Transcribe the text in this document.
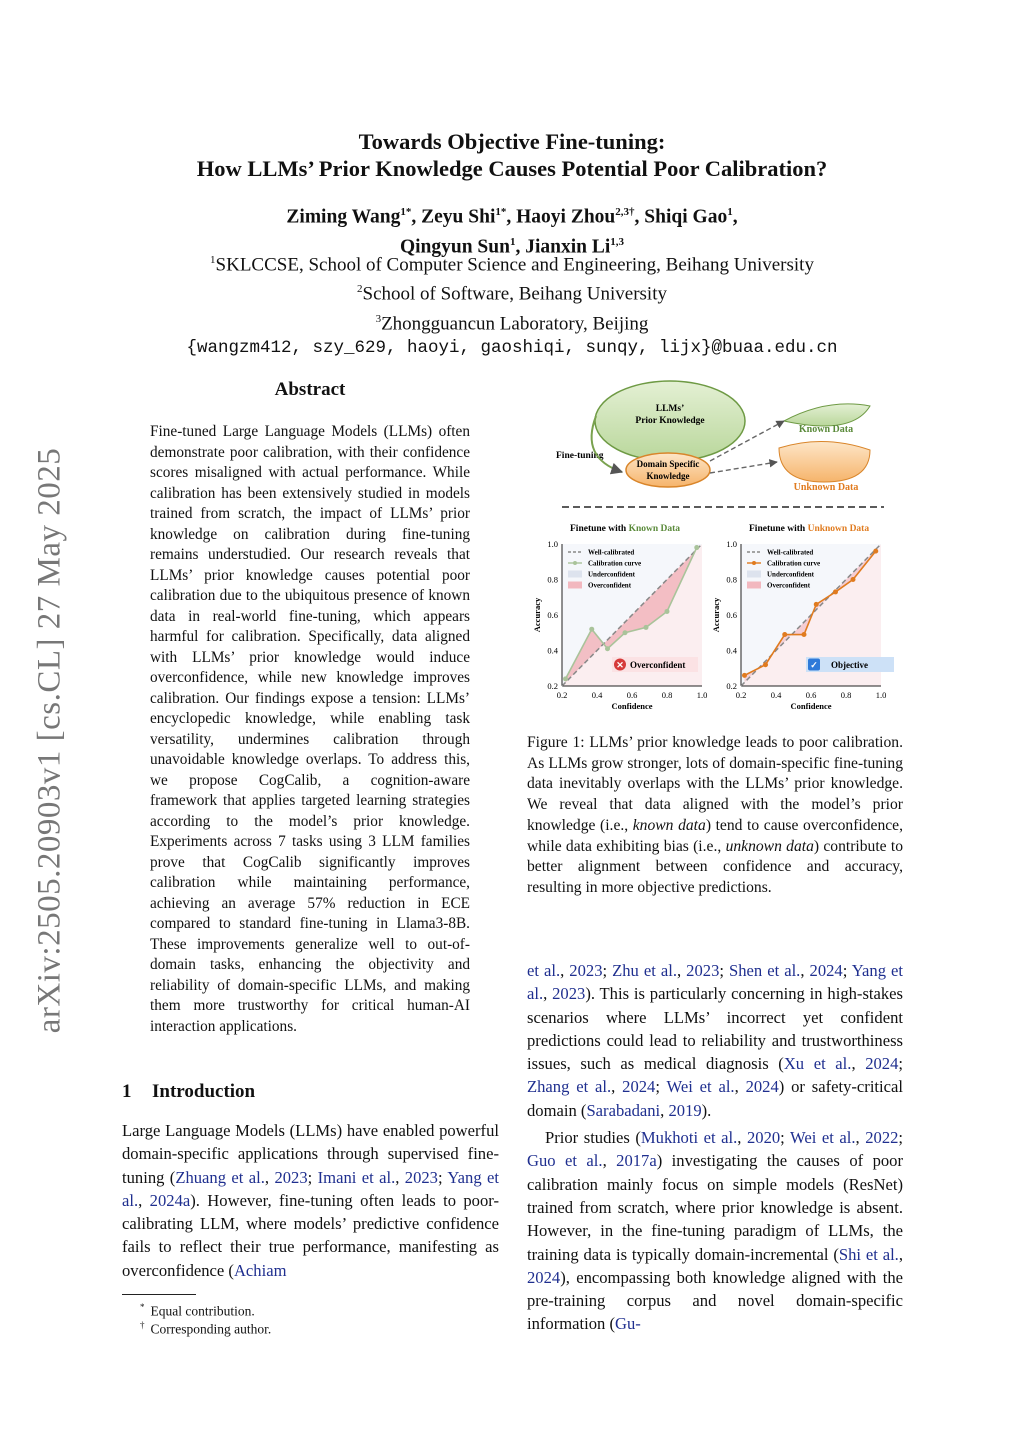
arXiv:2505.20903v1 [cs.CL] 27 May 2025
Towards Objective Fine-tuning:
How LLMs’ Prior Knowledge Causes Potential Poor Calibration?
Ziming Wang$^{1*}$, Zeyu Shi$^{1*}$, Haoyi Zhou$^{2,3\dagger}$, Shiqi Gao$^1$,
Qingyun Sun$^1$, Jianxin Li$^{1,3}$
$^1$SKLCCSE, School of Computer Science and Engineering, Beihang University
$^2$School of Software, Beihang University
$^3$Zhongguancun Laboratory, Beijing
{wangzm412, szy_629, haoyi, gaoshiqi, sunqy, lijx}@buaa.edu.cn
Abstract
Fine-tuned Large Language Models (LLMs) often demonstrate poor calibration, with their confidence scores misaligned with actual performance. While calibration has been extensively studied in models trained from scratch, the impact of LLMs’ prior knowledge on calibration during fine-tuning remains understudied. Our research reveals that LLMs’ prior knowledge causes potential poor calibration due to the ubiquitous presence of known data in real-world fine-tuning, which appears harmful for calibration. Specifically, data aligned with LLMs’ prior knowledge would induce overconfidence, while new knowledge improves calibration. Our findings expose a tension: LLMs’ encyclopedic knowledge, while enabling task versatility, undermines calibration through unavoidable knowledge overlaps. To address this, we propose CogCalib, a cognition-aware framework that applies targeted learning strategies according to the model’s prior knowledge. Experiments across 7 tasks using 3 LLM families prove that CogCalib significantly improves calibration while maintaining performance, achieving an average 57% reduction in ECE compared to standard fine-tuning in Llama3-8B. These improvements generalize well to out-of-domain tasks, enhancing the objectivity and reliability of domain-specific LLMs, and making them more trustworthy for critical human-AI interaction applications.
1 Introduction
Large Language Models (LLMs) have enabled powerful domain-specific applications through supervised fine-tuning (Zhuang et al., 2023; Imani et al., 2023; Yang et al., 2024a). However, fine-tuning often leads to poor-calibrating LLM, where models’ predictive confidence fails to reflect their true performance, manifesting as overconfidence (Achiam
* Equal contribution.
† Corresponding author.
LLMs’
Prior Knowledge
Domain Specific
Knowledge
Fine-tuning
Known Data
Unknown Data
Finetune with Known Data
0.2	0.4	0.6	0.8	1.0
0.2
0.4
0.6
0.8
1.0
Confidence
Accuracy
Well-calibrated
Calibration curve
Underconfident
Overconfident
✕ Overconfident
Finetune with Unknown Data
0.2	0.4	0.6	0.8	1.0
0.2
0.4
0.6
0.8
1.0
Confidence
Accuracy
Well-calibrated
Calibration curve
Underconfident
Overconfident
✓ Objective
Figure 1: LLMs’ prior knowledge leads to poor calibration. As LLMs grow stronger, lots of domain-specific fine-tuning data inevitably overlaps with the LLMs’ prior knowledge. We reveal that data aligned with the model’s prior knowledge (i.e., known data) tend to cause overconfidence, while data exhibiting bias (i.e., unknown data) contribute to better alignment between confidence and accuracy, resulting in more objective predictions.

et al., 2023; Zhu et al., 2023; Shen et al., 2024; Yang et al., 2023). This is particularly concerning in high-stakes scenarios where LLMs’ incorrect yet confident predictions could lead to reliability and trustworthiness issues, such as medical diagnosis (Xu et al., 2024; Zhang et al., 2024; Wei et al., 2024) or safety-critical domain (Sarabadani, 2019).

Prior studies (Mukhoti et al., 2020; Wei et al., 2022; Guo et al., 2017a) investigating the causes of poor calibration mainly focus on simple models (ResNet) trained from scratch, where prior knowledge is absent. However, in the fine-tuning paradigm of LLMs, the training data is typically domain-incremental (Shi et al., 2024), encompassing both knowledge aligned with the pre-training corpus and novel domain-specific information (Gu-
